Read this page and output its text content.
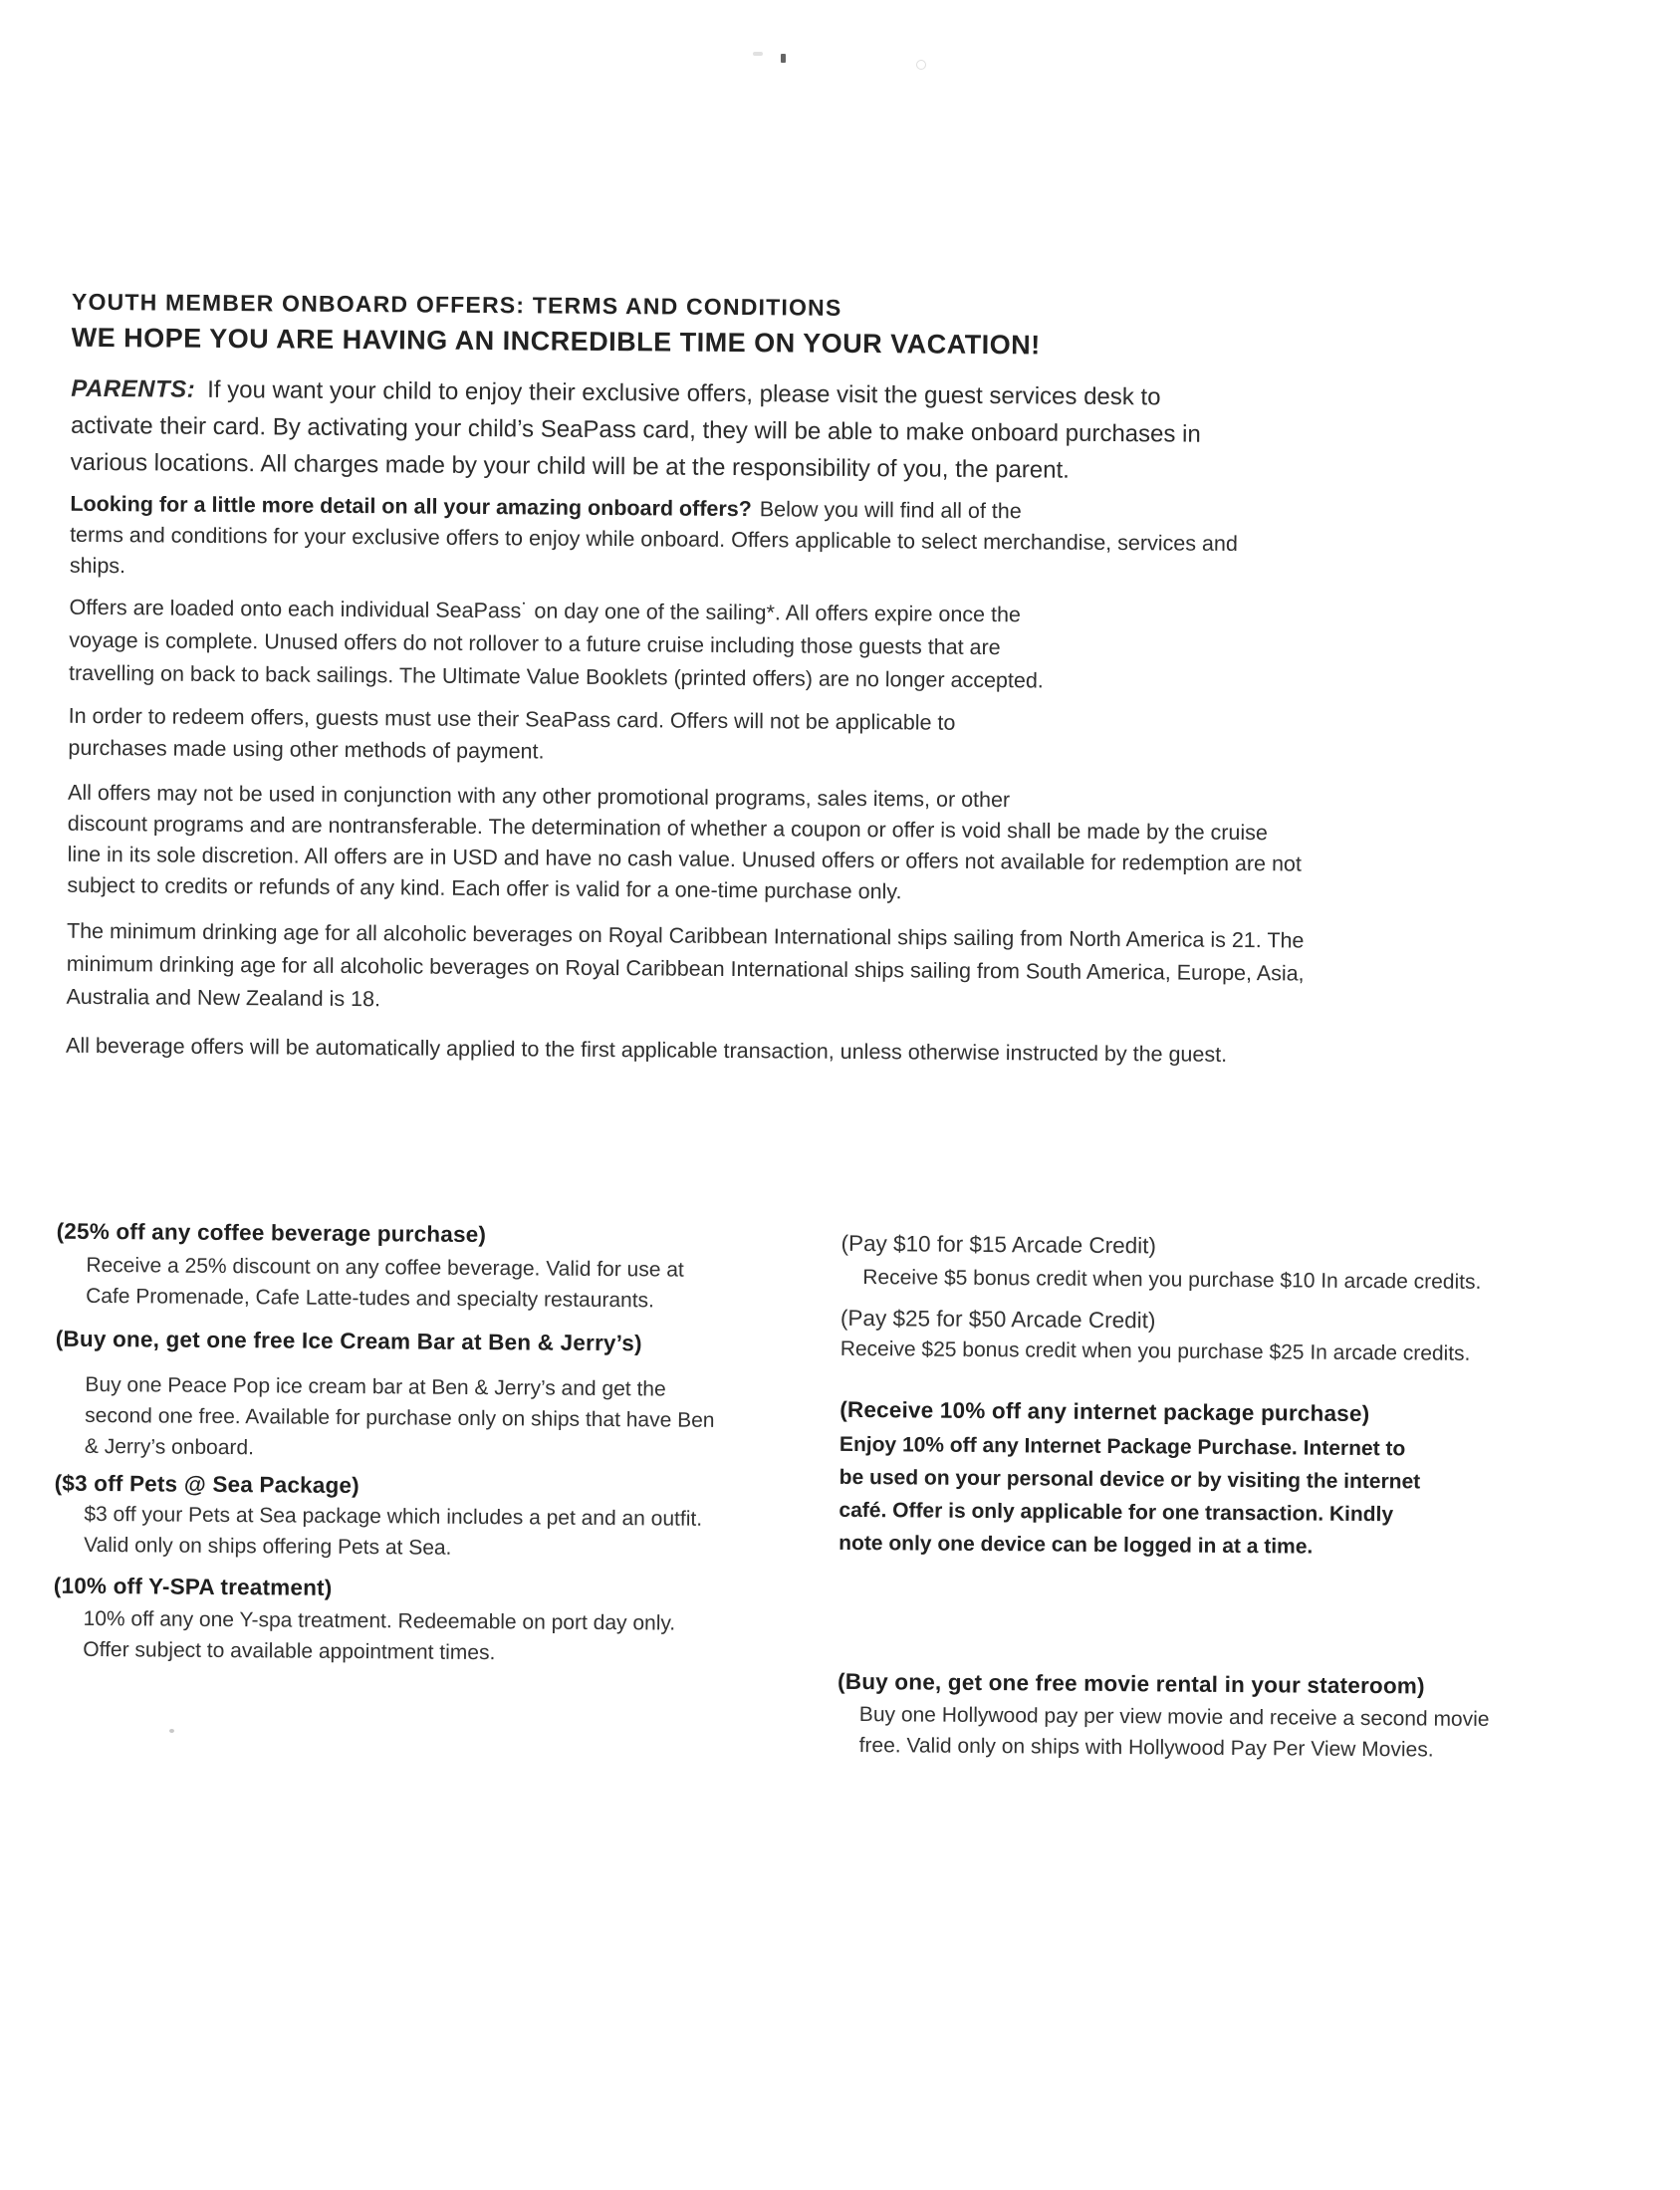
YOUTH MEMBER ONBOARD OFFERS: TERMS AND CONDITIONS
WE HOPE YOU ARE HAVING AN INCREDIBLE TIME ON YOUR VACATION!

PARENTS: If you want your child to enjoy their exclusive offers, please visit the guest services desk to
activate their card. By activating your child’s SeaPass card, they will be able to make onboard purchases in
various locations. All charges made by your child will be at the responsibility of you, the parent.

Looking for a little more detail on all your amazing onboard offers? Below you will find all of the
terms and conditions for your exclusive offers to enjoy while onboard. Offers applicable to select merchandise, services and
ships.

Offers are loaded onto each individual SeaPass˙ on day one of the sailing*. All offers expire once the
voyage is complete. Unused offers do not rollover to a future cruise including those guests that are
travelling on back to back sailings. The Ultimate Value Booklets (printed offers) are no longer accepted.

In order to redeem offers, guests must use their SeaPass card. Offers will not be applicable to
purchases made using other methods of payment.

All offers may not be used in conjunction with any other promotional programs, sales items, or other
discount programs and are nontransferable. The determination of whether a coupon or offer is void shall be made by the cruise
line in its sole discretion. All offers are in USD and have no cash value. Unused offers or offers not available for redemption are not
subject to credits or refunds of any kind. Each offer is valid for a one-time purchase only.

The minimum drinking age for all alcoholic beverages on Royal Caribbean International ships sailing from North America is 21. The
minimum drinking age for all alcoholic beverages on Royal Caribbean International ships sailing from South America, Europe, Asia,
Australia and New Zealand is 18.

All beverage offers will be automatically applied to the first applicable transaction, unless otherwise instructed by the guest.

(25% off any coffee beverage purchase)

Receive a 25% discount on any coffee beverage. Valid for use at
Cafe Promenade, Cafe Latte-tudes and specialty restaurants.

(Buy one, get one free Ice Cream Bar at Ben & Jerry’s)

Buy one Peace Pop ice cream bar at Ben & Jerry’s and get the
second one free. Available for purchase only on ships that have Ben
& Jerry’s onboard.

($3 off Pets @ Sea Package)

$3 off your Pets at Sea package which includes a pet and an outfit.
Valid only on ships offering Pets at Sea.

(10% off Y-SPA treatment)

10% off any one Y-spa treatment. Redeemable on port day only.
Offer subject to available appointment times.

(Pay $10 for $15 Arcade Credit)

Receive $5 bonus credit when you purchase $10 In arcade credits.

(Pay $25 for $50 Arcade Credit)

Receive $25 bonus credit when you purchase $25 In arcade credits.

(Receive 10% off any internet package purchase)

Enjoy 10% off any Internet Package Purchase. Internet to
be used on your personal device or by visiting the internet
café. Offer is only applicable for one transaction. Kindly
note only one device can be logged in at a time.

(Buy one, get one free movie rental in your stateroom)

Buy one Hollywood pay per view movie and receive a second movie
free. Valid only on ships with Hollywood Pay Per View Movies.
